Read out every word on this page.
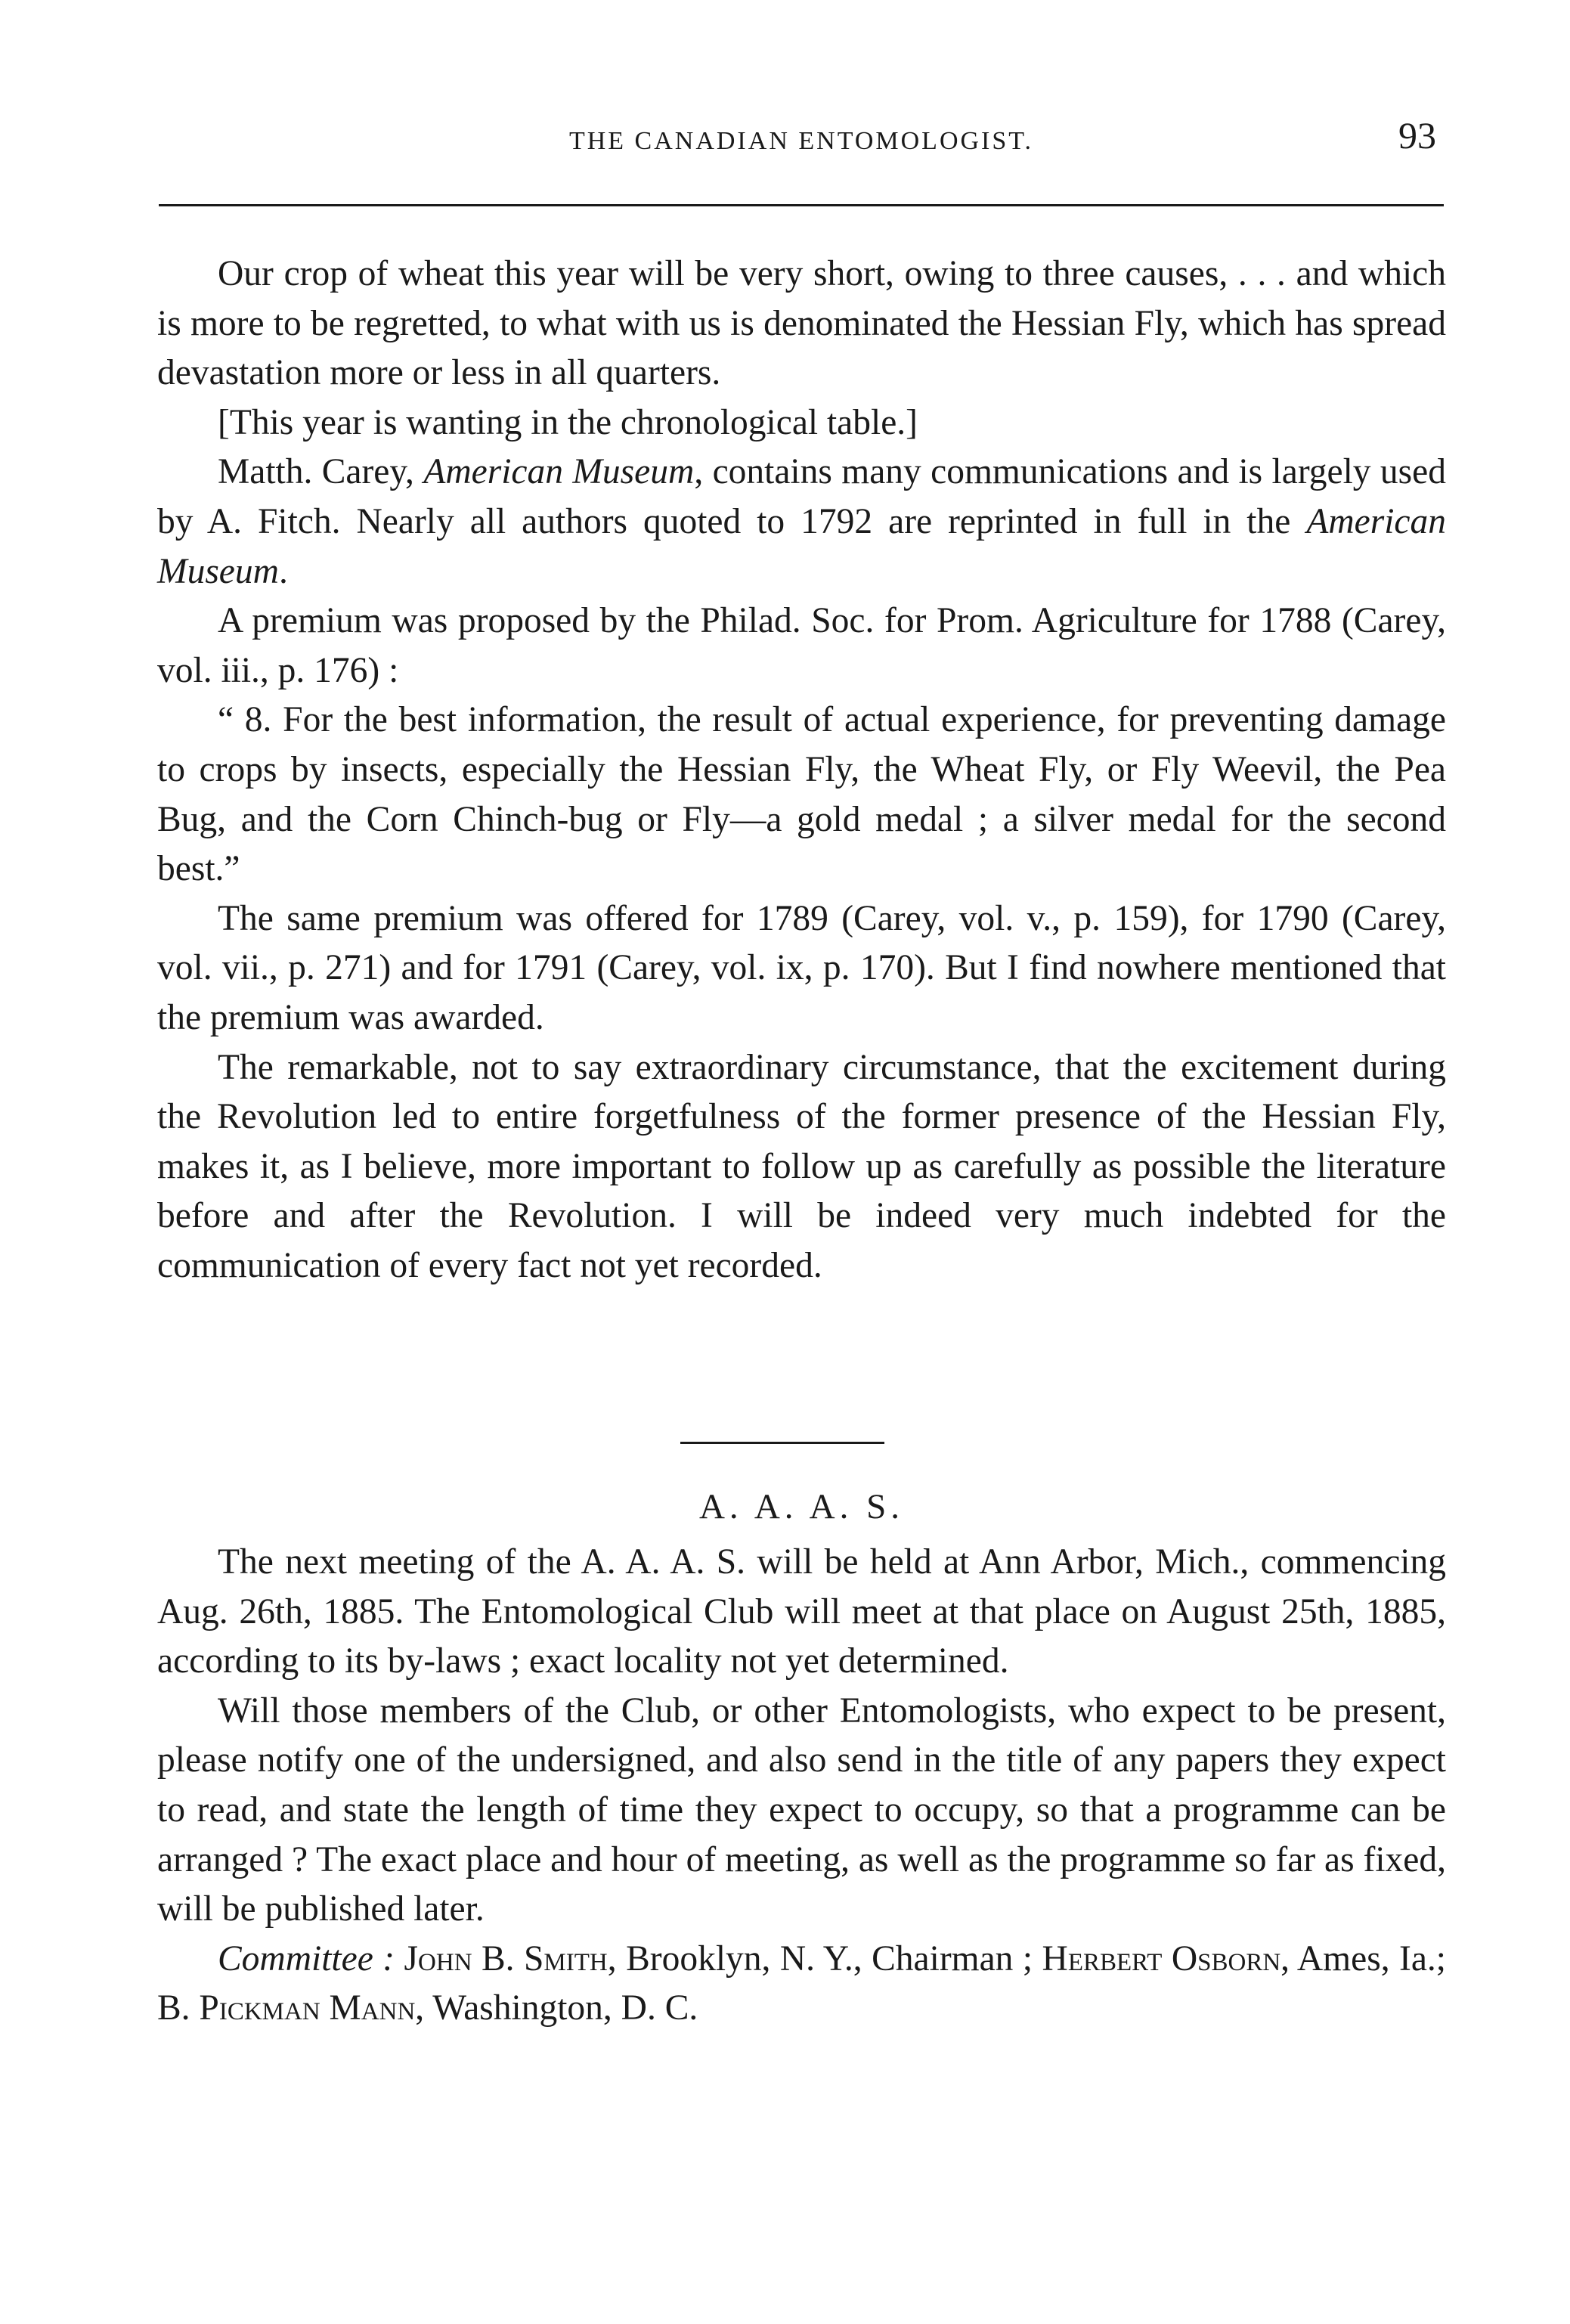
THE CANADIAN ENTOMOLOGIST.	93

Our crop of wheat this year will be very short, owing to three causes, . . . and which is more to be regretted, to what with us is denominated the Hessian Fly, which has spread devastation more or less in all quarters.

[This year is wanting in the chronological table.]

Matth. Carey, American Museum, contains many communications and is largely used by A. Fitch. Nearly all authors quoted to 1792 are reprinted in full in the American Museum.

A premium was proposed by the Philad. Soc. for Prom. Agriculture for 1788 (Carey, vol. iii., p. 176) :

“ 8. For the best information, the result of actual experience, for preventing damage to crops by insects, especially the Hessian Fly, the Wheat Fly, or Fly Weevil, the Pea Bug, and the Corn Chinch-bug or Fly—a gold medal ; a silver medal for the second best.”

The same premium was offered for 1789 (Carey, vol. v., p. 159), for 1790 (Carey, vol. vii., p. 271) and for 1791 (Carey, vol. ix, p. 170). But I find nowhere mentioned that the premium was awarded.

The remarkable, not to say extraordinary circumstance, that the excitement during the Revolution led to entire forgetfulness of the former presence of the Hessian Fly, makes it, as I believe, more important to follow up as carefully as possible the literature before and after the Revolution. I will be indeed very much indebted for the communication of every fact not yet recorded.

A. A. A. S.

The next meeting of the A. A. A. S. will be held at Ann Arbor, Mich., commencing Aug. 26th, 1885. The Entomological Club will meet at that place on August 25th, 1885, according to its by-laws ; exact locality not yet determined.

Will those members of the Club, or other Entomologists, who expect to be present, please notify one of the undersigned, and also send in the title of any papers they expect to read, and state the length of time they expect to occupy, so that a programme can be arranged ? The exact place and hour of meeting, as well as the programme so far as fixed, will be published later.

Committee : John B. Smith, Brooklyn, N. Y., Chairman ; Herbert Osborn, Ames, Ia.; B. Pickman Mann, Washington, D. C.
